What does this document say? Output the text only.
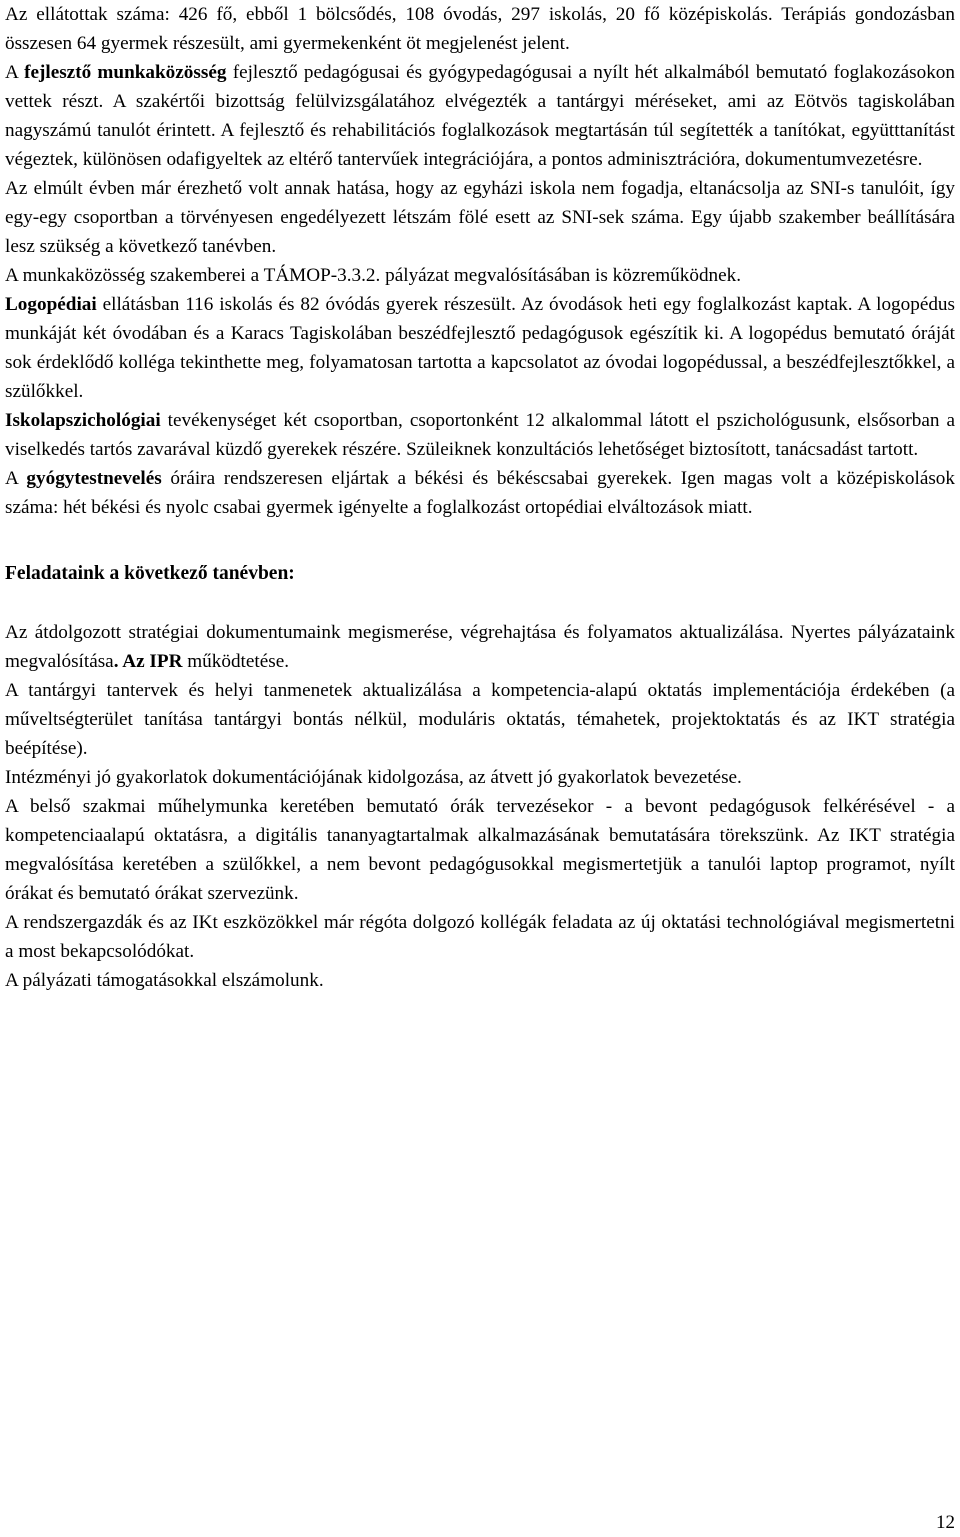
Az ellátottak száma: 426 fő, ebből 1 bölcsődés, 108 óvodás, 297 iskolás, 20 fő középiskolás. Terápiás gondozásban összesen 64 gyermek részesült, ami gyermekenként öt megjelenést jelent.

A fejlesztő munkaközösség fejlesztő pedagógusai és gyógypedagógusai a nyílt hét alkalmából bemutató foglakozásokon vettek részt. A szakértői bizottság felülvizsgálatához elvégezték a tantárgyi méréseket, ami az Eötvös tagiskolában nagyszámú tanulót érintett. A fejlesztő és rehabilitációs foglalkozások megtartásán túl segítették a tanítókat, együtttanítást végeztek, különösen odafigyeltek az eltérő tantervűek integrációjára, a pontos adminisztrációra, dokumentumvezetésre.

Az elmúlt évben már érezhető volt annak hatása, hogy az egyházi iskola nem fogadja, eltanácsolja az SNI-s tanulóit, így egy-egy csoportban a törvényesen engedélyezett létszám fölé esett az SNI-sek száma. Egy újabb szakember beállítására lesz szükség a következő tanévben.

A munkaközösség szakemberei a TÁMOP-3.3.2. pályázat megvalósításában is közreműködnek.

Logopédiai ellátásban 116 iskolás és 82 óvódás gyerek részesült. Az óvodások heti egy foglalkozást kaptak. A logopédus munkáját két óvodában és a Karacs Tagiskolában beszédfejlesztő pedagógusok egészítik ki. A logopédus bemutató óráját sok érdeklődő kolléga tekinthette meg, folyamatosan tartotta a kapcsolatot az óvodai logopédussal, a beszédfejlesztőkkel, a szülőkkel.

Iskolapszichológiai tevékenységet két csoportban, csoportonként 12 alkalommal látott el pszichológusunk, elsősorban a viselkedés tartós zavarával küzdő gyerekek részére. Szüleiknek konzultációs lehetőséget biztosított, tanácsadást tartott.

A gyógytestnevelés óráira rendszeresen eljártak a békési és békéscsabai gyerekek. Igen magas volt a középiskolások száma: hét békési és nyolc csabai gyermek igényelte a foglalkozást ortopédiai elváltozások miatt.

Feladataink a következő tanévben:

Az átdolgozott stratégiai dokumentumaink megismerése, végrehajtása és folyamatos aktualizálása. Nyertes pályázataink megvalósítása. Az IPR működtetése.

A tantárgyi tantervek és helyi tanmenetek aktualizálása a kompetencia-alapú oktatás implementációja érdekében (a műveltségterület tanítása tantárgyi bontás nélkül, moduláris oktatás, témahetek, projektoktatás és az IKT stratégia beépítése).

Intézményi jó gyakorlatok dokumentációjának kidolgozása, az átvett jó gyakorlatok bevezetése.

A belső szakmai műhelymunka keretében bemutató órák tervezésekor - a bevont pedagógusok felkérésével - a kompetenciaalapú oktatásra, a digitális tananyagtartalmak alkalmazásának bemutatására törekszünk. Az IKT stratégia megvalósítása keretében a szülőkkel, a nem bevont pedagógusokkal megismertetjük a tanulói laptop programot, nyílt órákat és bemutató órákat szervezünk.

A rendszergazdák és az IKt eszközökkel már régóta dolgozó kollégák feladata az új oktatási technológiával megismertetni a most bekapcsolódókat.

A pályázati támogatásokkal elszámolunk.

12
